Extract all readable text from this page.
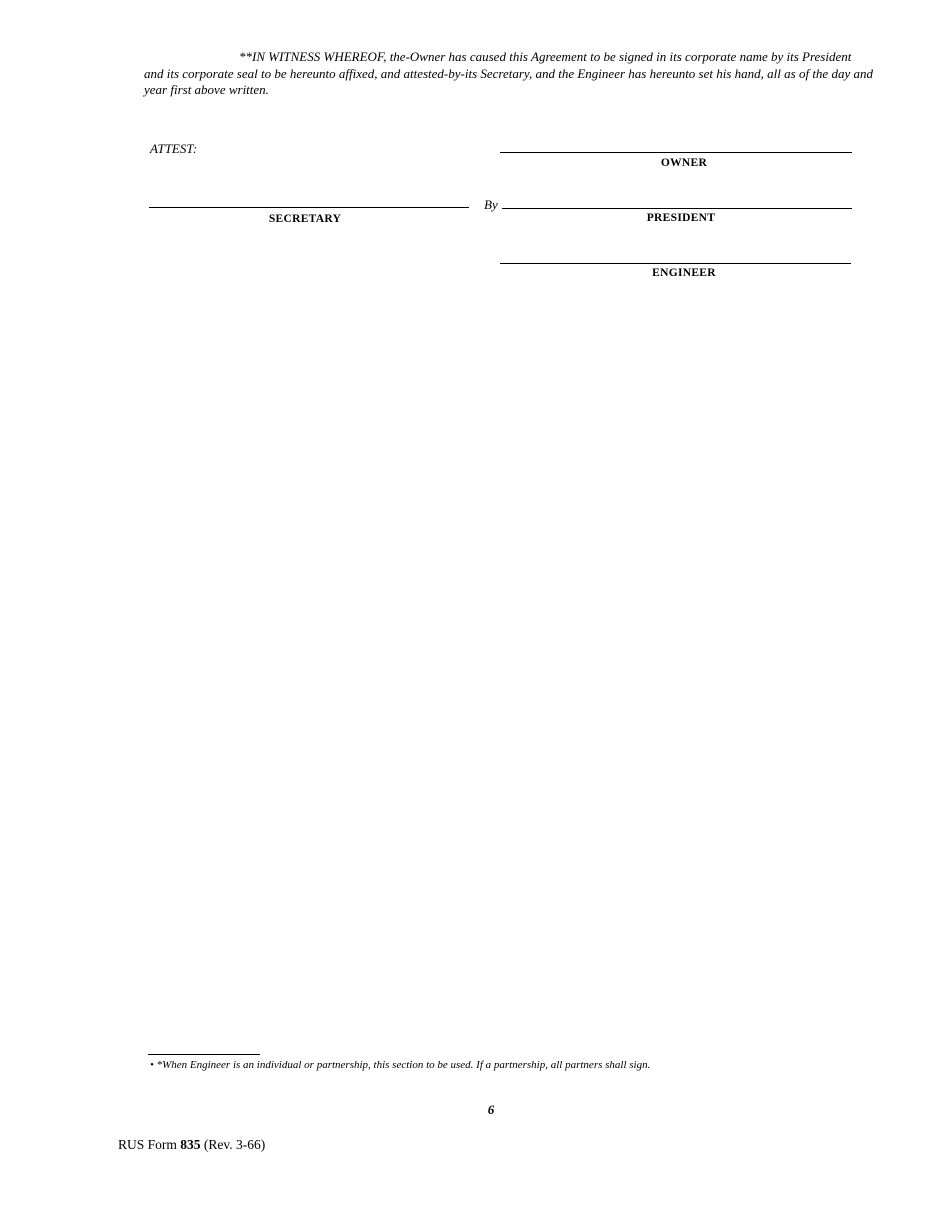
**IN WITNESS WHEREOF, the-Owner has caused this Agreement to be signed in its corporate name by its President and its corporate seal to be hereunto affixed, and attested-by-its Secretary, and the Engineer has hereunto set his hand, all as of the day and year first above written.

ATTEST:
OWNER
SECRETARY
By
PRESIDENT
ENGINEER
• *When Engineer is an individual or partnership, this section to be used. If a partnership, all partners shall sign.
6
RUS Form 835 (Rev. 3-66)
